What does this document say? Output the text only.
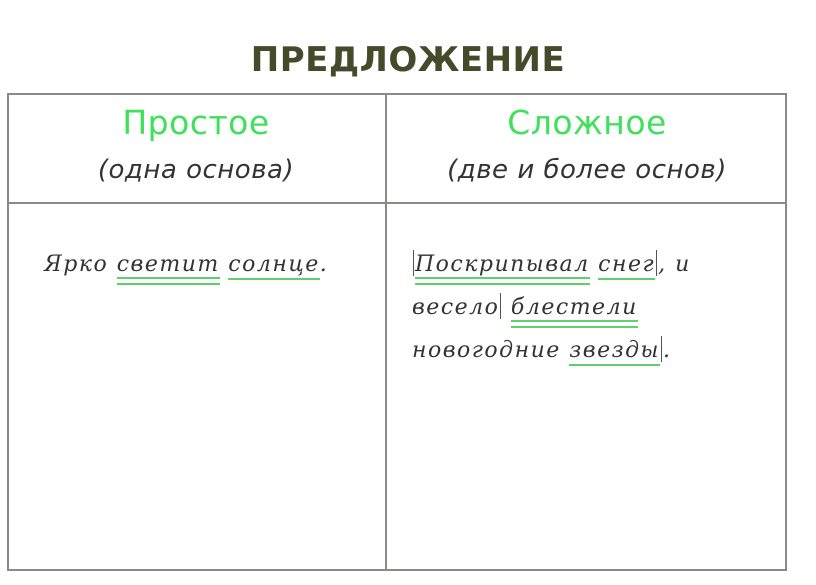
ПРЕДЛОЖЕНИЕ
Простое
(одна основа)
Сложное
(две и более основ)
Ярко светит солнце.	Поскрипывал снег , и
весело блестели
новогодние звезды .
